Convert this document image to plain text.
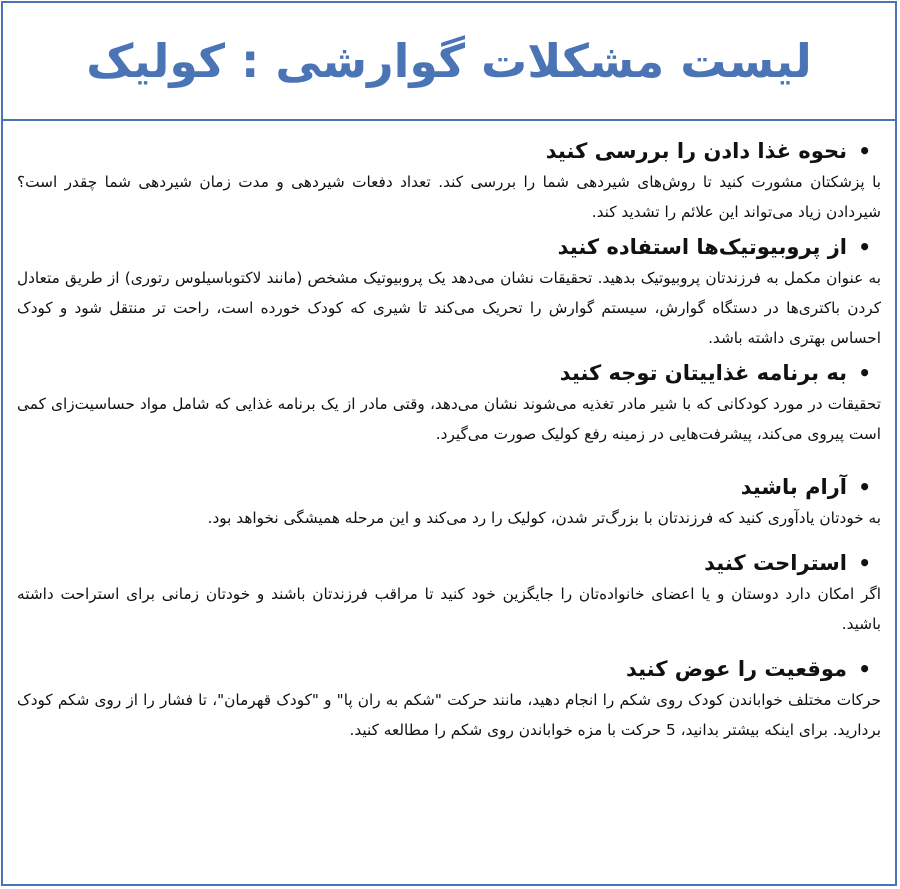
لیست مشکلات گوارشی : کولیک
•
نحوه غذا دادن را بررسی کنید

با پزشکتان مشورت کنید تا روش‌های شیردهی شما را بررسی کند. تعداد دفعات شیردهی و مدت زمان شیردهی شما چقدر است؟ شیردادن زیاد می‌تواند این علائم را تشدید کند.

•
از پروبیوتیک‌ها استفاده کنید

به عنوان مکمل به فرزندتان پروبیوتیک بدهید. تحقیقات نشان می‌دهد یک پروبیوتیک مشخص (مانند لاکتوباسیلوس رتوری) از طریق متعادل کردن باکتری‌ها در دستگاه گوارش، سیستم گوارش را تحریک می‌کند تا شیری که کودک خورده است، راحت تر منتقل شود و کودک احساس بهتری داشته باشد.

•
به برنامه غذاییتان توجه کنید

تحقیقات در مورد کودکانی که با شیر مادر تغذیه می‌شوند نشان می‌دهد، وقتی مادر از یک برنامه غذایی که شامل مواد حساسیت‌زای کمی است پیروی می‌کند، پیشرفت‌هایی در زمینه رفع کولیک صورت می‌گیرد.

•
آرام باشید

به خودتان یادآوری کنید که فرزندتان با بزرگ‌تر شدن، کولیک را رد می‌کند و این مرحله همیشگی نخواهد بود.

•
استراحت کنید

اگر امکان دارد دوستان و یا اعضای خانواده‌تان را جایگزین خود کنید تا مراقب فرزندتان باشند و خودتان زمانی برای استراحت داشته باشید.

•
موقعیت را عوض کنید

حرکات مختلف خواباندن کودک روی شکم را انجام دهید، مانند حرکت "شکم به ران پا" و "کودک قهرمان"، تا فشار را از روی شکم کودک بردارید. برای اینکه بیشتر بدانید، 5 حرکت با مزه خواباندن روی شکم را مطالعه کنید.
